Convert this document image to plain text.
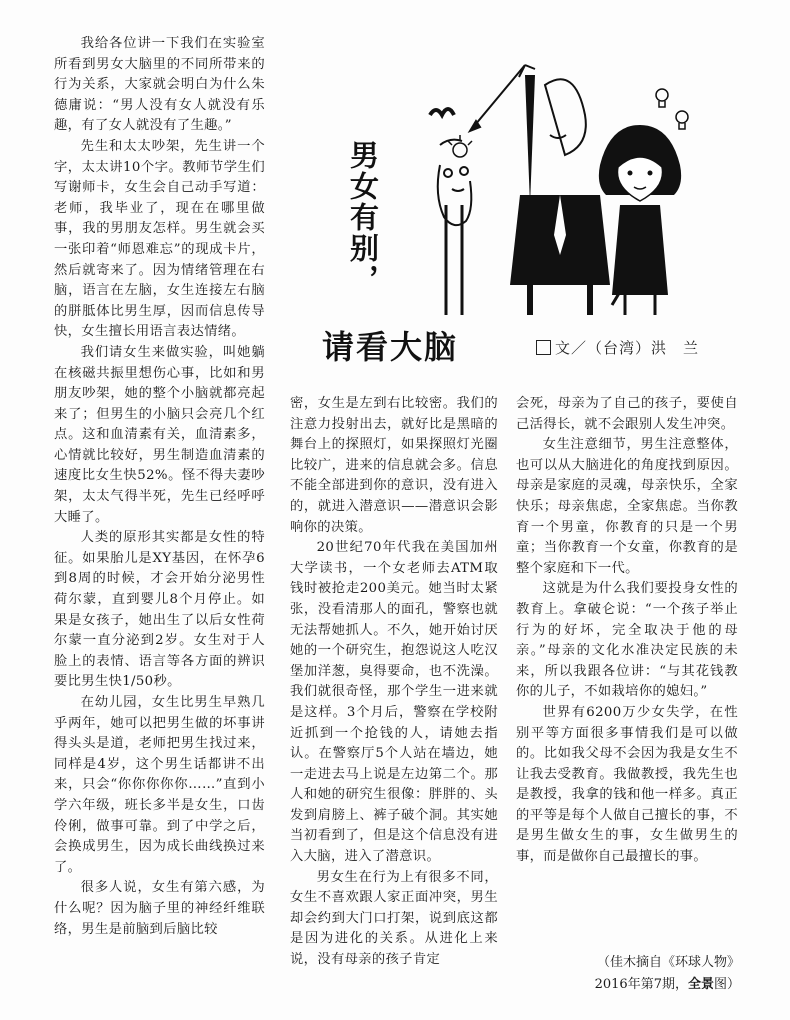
我给各位讲一下我们在实验室所看到男女大脑里的不同所带来的行为关系，大家就会明白为什么朱德庸说：“男人没有女人就没有乐趣，有了女人就没有了生趣。”

先生和太太吵架，先生讲一个字，太太讲10个字。教师节学生们写谢师卡，女生会自己动手写道：老师，我毕业了，现在在哪里做事，我的男朋友怎样。男生就会买一张印着“师恩难忘”的现成卡片，然后就寄来了。因为情绪管理在右脑，语言在左脑，女生连接左右脑的胼胝体比男生厚，因而信息传导快，女生擅长用语言表达情绪。

我们请女生来做实验，叫她躺在核磁共振里想伤心事，比如和男朋友吵架，她的整个小脑就都亮起来了；但男生的小脑只会亮几个红点。这和血清素有关，血清素多，心情就比较好，男生制造血清素的速度比女生快52%。怪不得夫妻吵架，太太气得半死，先生已经呼呼大睡了。

人类的原形其实都是女性的特征。如果胎儿是XY基因，在怀孕6到8周的时候，才会开始分泌男性荷尔蒙，直到婴儿8个月停止。如果是女孩子，她出生了以后女性荷尔蒙一直分泌到2岁。女生对于人脸上的表情、语言等各方面的辨识要比男生快1/50秒。

在幼儿园，女生比男生早熟几乎两年，她可以把男生做的坏事讲得头头是道，老师把男生找过来，同样是4岁，这个男生话都讲不出来，只会“你你你你你……”直到小学六年级，班长多半是女生，口齿伶俐，做事可靠。到了中学之后，会换成男生，因为成长曲线换过来了。

很多人说，女生有第六感，为什么呢？因为脑子里的神经纤维联络，男生是前脑到后脑比较

男女有别，
请看大脑	文／（台湾）洪　兰

密，女生是左到右比较密。我们的注意力投射出去，就好比是黑暗的舞台上的探照灯，如果探照灯光圈比较广，进来的信息就会多。信息不能全部进到你的意识，没有进入的，就进入潜意识——潜意识会影响你的决策。

20世纪70年代我在美国加州大学读书，一个女老师去ATM取钱时被抢走200美元。她当时太紧张，没看清那人的面孔，警察也就无法帮她抓人。不久，她开始讨厌她的一个研究生，抱怨说这人吃汉堡加洋葱，臭得要命，也不洗澡。我们就很奇怪，那个学生一进来就是这样。3个月后，警察在学校附近抓到一个抢钱的人，请她去指认。在警察厅5个人站在墙边，她一走进去马上说是左边第二个。那人和她的研究生很像：胖胖的、头发到肩膀上、裤子破个洞。其实她当初看到了，但是这个信息没有进入大脑，进入了潜意识。

男女生在行为上有很多不同，女生不喜欢跟人家正面冲突，男生却会约到大门口打架，说到底这都是因为进化的关系。从进化上来说，没有母亲的孩子肯定

会死，母亲为了自己的孩子，要使自己活得长，就不会跟别人发生冲突。

女生注意细节，男生注意整体，也可以从大脑进化的角度找到原因。母亲是家庭的灵魂，母亲快乐，全家快乐；母亲焦虑，全家焦虑。当你教育一个男童，你教育的只是一个男童；当你教育一个女童，你教育的是整个家庭和下一代。

这就是为什么我们要投身女性的教育上。拿破仑说：“一个孩子举止行为的好坏，完全取决于他的母亲。”母亲的文化水准决定民族的未来，所以我跟各位讲：“与其花钱教你的儿子，不如栽培你的媳妇。”

世界有6200万少女失学，在性别平等方面很多事情我们是可以做的。比如我父母不会因为我是女生不让我去受教育。我做教授，我先生也是教授，我拿的钱和他一样多。真正的平等是每个人做自己擅长的事，不是男生做女生的事，女生做男生的事，而是做你自己最擅长的事。

（佳木摘自《环球人物》
2016年第7期，全景图）
